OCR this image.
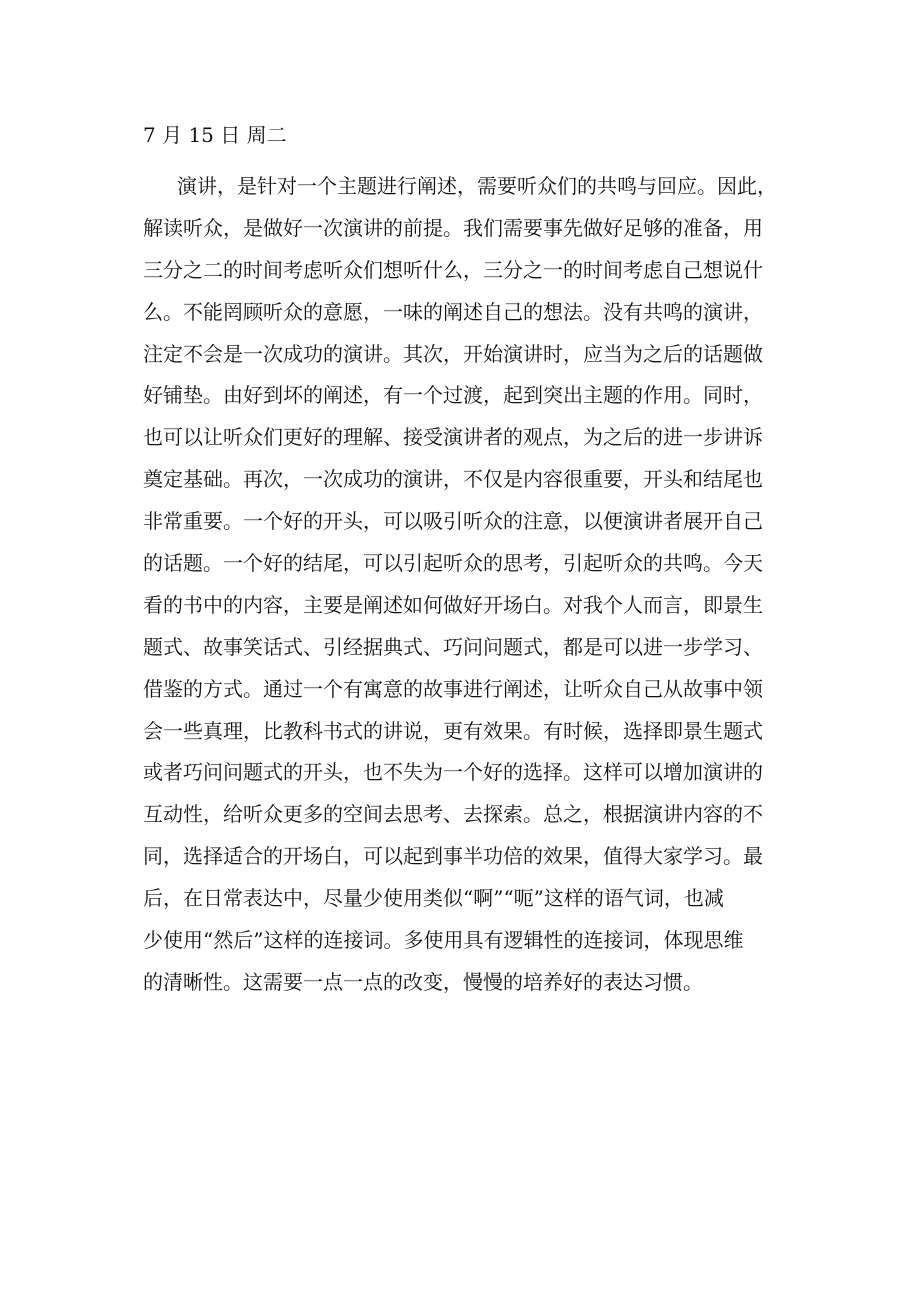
7 月 15 日 周二
演讲，是针对一个主题进行阐述，需要听众们的共鸣与回应。因此，
解读听众，是做好一次演讲的前提。我们需要事先做好足够的准备，用
三分之二的时间考虑听众们想听什么，三分之一的时间考虑自己想说什
么。不能罔顾听众的意愿，一味的阐述自己的想法。没有共鸣的演讲，
注定不会是一次成功的演讲。其次，开始演讲时，应当为之后的话题做
好铺垫。由好到坏的阐述，有一个过渡，起到突出主题的作用。同时，
也可以让听众们更好的理解、接受演讲者的观点，为之后的进一步讲诉
奠定基础。再次，一次成功的演讲，不仅是内容很重要，开头和结尾也
非常重要。一个好的开头，可以吸引听众的注意，以便演讲者展开自己
的话题。一个好的结尾，可以引起听众的思考，引起听众的共鸣。今天
看的书中的内容，主要是阐述如何做好开场白。对我个人而言，即景生
题式、故事笑话式、引经据典式、巧问问题式，都是可以进一步学习、
借鉴的方式。通过一个有寓意的故事进行阐述，让听众自己从故事中领
会一些真理，比教科书式的讲说，更有效果。有时候，选择即景生题式
或者巧问问题式的开头，也不失为一个好的选择。这样可以增加演讲的
互动性，给听众更多的空间去思考、去探索。总之，根据演讲内容的不
同，选择适合的开场白，可以起到事半功倍的效果，值得大家学习。最
后，在日常表达中，尽量少使用类似“啊”“呃”这样的语气词，也减
少使用“然后”这样的连接词。多使用具有逻辑性的连接词，体现思维
的清晰性。这需要一点一点的改变，慢慢的培养好的表达习惯。
